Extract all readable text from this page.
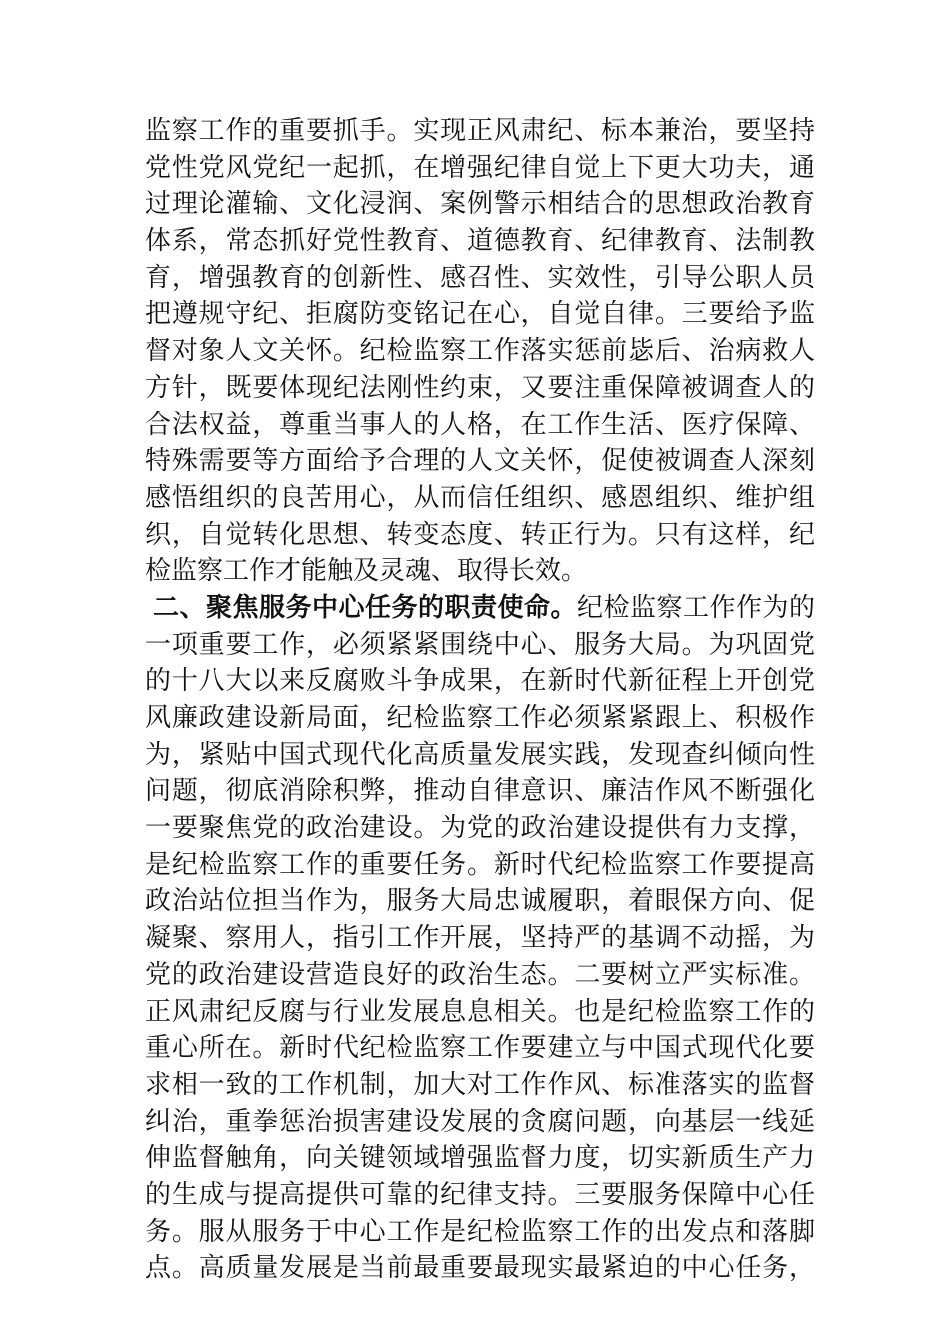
监察工作的重要抓手。实现正风肃纪、标本兼治，要坚持
党性党风党纪一起抓，在增强纪律自觉上下更大功夫，通
过理论灌输、文化浸润、案例警示相结合的思想政治教育
体系，常态抓好党性教育、道德教育、纪律教育、法制教
育，增强教育的创新性、感召性、实效性，引导公职人员
把遵规守纪、拒腐防变铭记在心，自觉自律。三要给予监
督对象人文关怀。纪检监察工作落实惩前毖后、治病救人
方针，既要体现纪法刚性约束，又要注重保障被调查人的
合法权益，尊重当事人的人格，在工作生活、医疗保障、
特殊需要等方面给予合理的人文关怀，促使被调查人深刻
感悟组织的良苦用心，从而信任组织、感恩组织、维护组
织，自觉转化思想、转变态度、转正行为。只有这样，纪
检监察工作才能触及灵魂、取得长效。
二、聚焦服务中心任务的职责使命。纪检监察工作作为的
一项重要工作，必须紧紧围绕中心、服务大局。为巩固党
的十八大以来反腐败斗争成果，在新时代新征程上开创党
风廉政建设新局面，纪检监察工作必须紧紧跟上、积极作
为，紧贴中国式现代化高质量发展实践，发现查纠倾向性
问题，彻底消除积弊，推动自律意识、廉洁作风不断强化
一要聚焦党的政治建设。为党的政治建设提供有力支撑，
是纪检监察工作的重要任务。新时代纪检监察工作要提高
政治站位担当作为，服务大局忠诚履职，着眼保方向、促
凝聚、察用人，指引工作开展，坚持严的基调不动摇，为
党的政治建设营造良好的政治生态。二要树立严实标准。
正风肃纪反腐与行业发展息息相关。也是纪检监察工作的
重心所在。新时代纪检监察工作要建立与中国式现代化要
求相一致的工作机制，加大对工作作风、标准落实的监督
纠治，重拳惩治损害建设发展的贪腐问题，向基层一线延
伸监督触角，向关键领域增强监督力度，切实新质生产力
的生成与提高提供可靠的纪律支持。三要服务保障中心任
务。服从服务于中心工作是纪检监察工作的出发点和落脚
点。高质量发展是当前最重要最现实最紧迫的中心任务，
